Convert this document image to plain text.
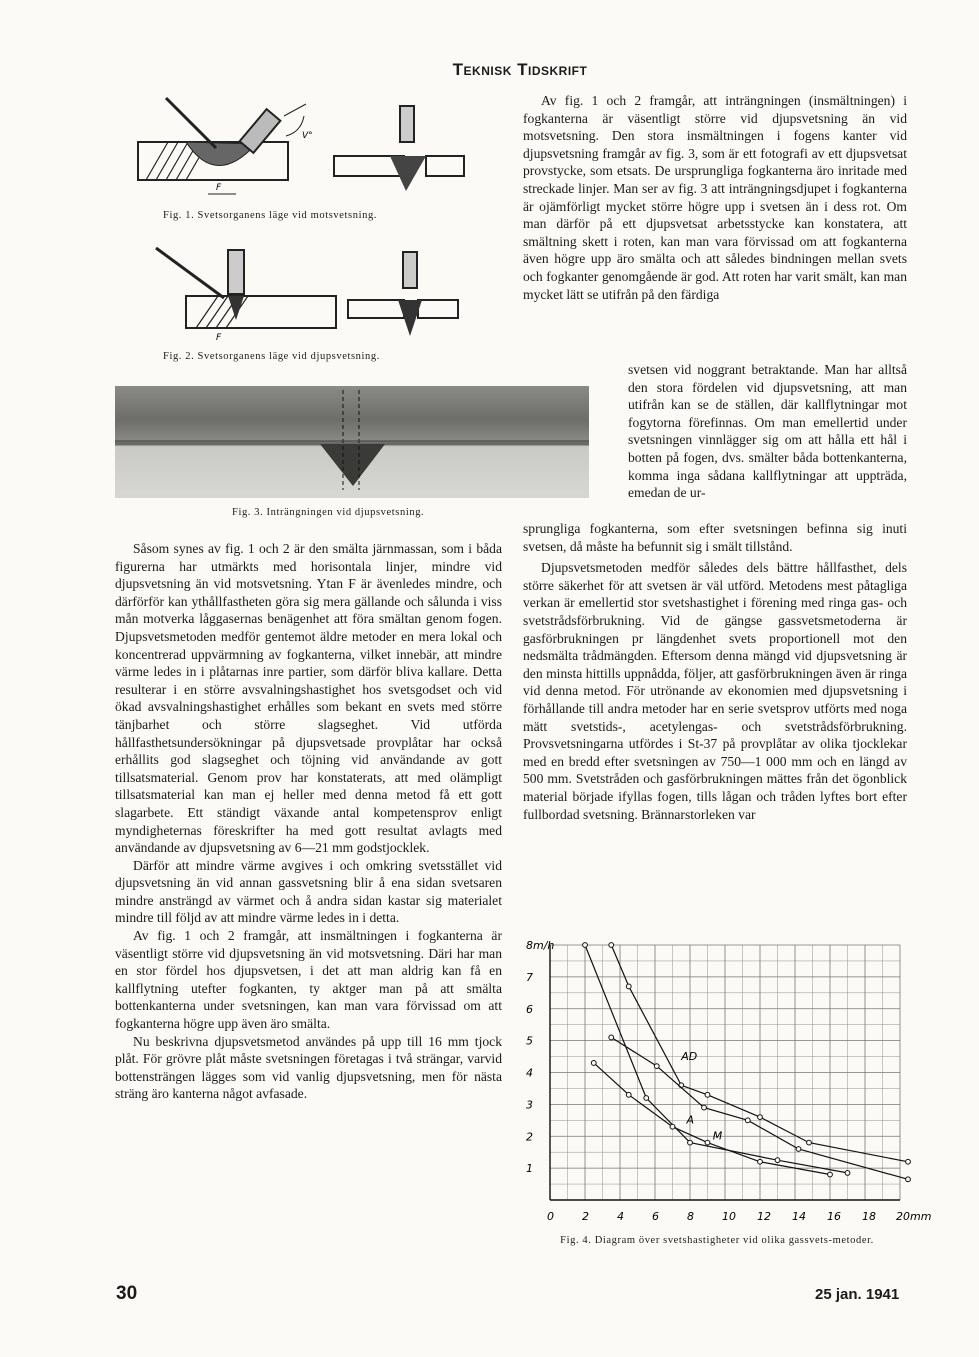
Teknisk Tidskrift
V°
F
Fig. 1. Svetsorganens läge vid motsvetsning.
F
Fig. 2. Svetsorganens läge vid djupsvetsning.
Fig. 3. Inträngningen vid djupsvetsning.

Av fig. 1 och 2 framgår, att inträngningen (insmältningen) i fogkanterna är väsentligt större vid djupsvetsning än vid motsvetsning. Den stora insmältningen i fogens kanter vid djupsvetsning framgår av fig. 3, som är ett fotografi av ett djupsvetsat provstycke, som etsats. De ursprungliga fogkanterna äro inritade med streckade linjer. Man ser av fig. 3 att inträngningsdjupet i fogkanterna är ojämförligt mycket större högre upp i svetsen än i dess rot. Om man därför på ett djupsvetsat arbetsstycke kan konstatera, att smältning skett i roten, kan man vara förvissad om att fogkanterna även högre upp äro smälta och att således bindningen mellan svets och fogkanter genomgående är god. Att roten har varit smält, kan man mycket lätt se utifrån på den färdiga

svetsen vid noggrant betraktande. Man har alltså den stora fördelen vid djupsvetsning, att man utifrån kan se de ställen, där kallflytningar mot fogytorna förefinnas. Om man emellertid under svetsningen vinnlägger sig om att hålla ett hål i botten på fogen, dvs. smälter båda bottenkanterna, komma inga sådana kallflytningar att uppträda, emedan de ur-

sprungliga fogkanterna, som efter svetsningen befinna sig inuti svetsen, då måste ha befunnit sig i smält tillstånd.

Djupsvetsmetoden medför således dels bättre hållfasthet, dels större säkerhet för att svetsen är väl utförd. Metodens mest påtagliga verkan är emellertid stor svetshastighet i förening med ringa gas- och svetstrådsförbrukning. Vid de gängse gassvetsmetoderna är gasförbrukningen pr längdenhet svets proportionell mot den nedsmälta trådmängden. Eftersom denna mängd vid djupsvetsning är den minsta hittills uppnådda, följer, att gasförbrukningen även är ringa vid denna metod. För utrönande av ekonomien med djupsvetsning i förhållande till andra metoder har en serie svetsprov utförts med noga mätt svetstids-, acetylengas- och svetstrådsförbrukning. Provsvetsningarna utfördes i St-37 på provplåtar av olika tjocklekar med en bredd efter svetsningen av 750—1 000 mm och en längd av 500 mm. Svetstråden och gasförbrukningen mättes från det ögonblick material började ifyllas fogen, tills lågan och tråden lyftes bort efter fullbordad svetsning. Brännarstorleken var

Såsom synes av fig. 1 och 2 är den smälta järnmassan, som i båda figurerna har utmärkts med horisontala linjer, mindre vid djupsvetsning än vid motsvetsning. Ytan F är ävenledes mindre, och därförför kan ythållfastheten göra sig mera gällande och sålunda i viss mån motverka låggasernas benägenhet att föra smältan genom fogen. Djupsvetsmetoden medför gentemot äldre metoder en mera lokal och koncentrerad uppvärmning av fogkanterna, vilket innebär, att mindre värme ledes in i plåtarnas inre partier, som därför bliva kallare. Detta resulterar i en större avsvalningshastighet hos svetsgodset och vid ökad avsvalningshastighet erhålles som bekant en svets med större tänjbarhet och större slagseghet. Vid utförda hållfasthetsundersökningar på djupsvetsade provplåtar har också erhållits god slagseghet och töjning vid användande av gott tillsatsmaterial. Genom prov har konstaterats, att med olämpligt tillsatsmaterial kan man ej heller med denna metod få ett gott slagarbete. Ett ständigt växande antal kompetensprov enligt myndigheternas föreskrifter ha med gott resultat avlagts med användande av djupsvetsning av 6—21 mm godstjocklek.

Därför att mindre värme avgives i och omkring svetsstället vid djupsvetsning än vid annan gassvetsning blir å ena sidan svetsaren mindre ansträngd av värmet och å andra sidan kastar sig materialet mindre till följd av att mindre värme ledes in i detta.

Av fig. 1 och 2 framgår, att insmältningen i fogkanterna är väsentligt större vid djupsvetsning än vid motsvetsning. Däri har man en stor fördel hos djupsvetsen, i det att man aldrig kan få en kallflytning utefter fogkanten, ty aktger man på att smälta bottenkanterna under svetsningen, kan man vara förvissad om att fogkanterna högre upp även äro smälta.

Nu beskrivna djupsvetsmetod användes på upp till 16 mm tjock plåt. För grövre plåt måste svetsningen företagas i två strängar, varvid bottensträngen lägges som vid vanlig djupsvetsning, men för nästa sträng äro kanterna något avfasade.

0	2	4	6	8	10 12 14 16 18 20mm
1
2
3
4
5
6
7
8m/h
AD
A
M
Fig. 4. Diagram över svetshastigheter vid olika gassvets-metoder.
30	25 jan. 1941
